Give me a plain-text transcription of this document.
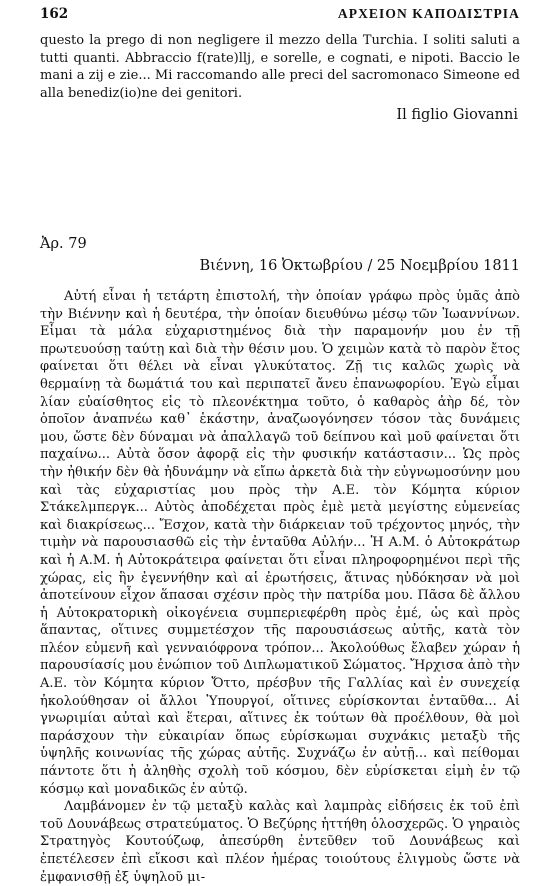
162	ΑΡΧΕΙΟΝ ΚΑΠΟΔΙΣΤΡΙΑ

questo la prego di non negligere il mezzo della Turchia. I soliti saluti a tutti quanti. Abbraccio f(rate)llj, e sorelle, e cognati, e nipoti. Baccio le mani a zij e zie... Mi raccomando alle preci del sacromonaco Simeone ed alla benediz(io)ne dei genitori.

Il figlio Giovanni
Ἀρ. 79
Βιέννη, 16 Ὀκτωβρίου / 25 Νοεμβρίου 1811

Αὐτή εἶναι ἡ τετάρτη ἐπιστολή, τὴν ὁποίαν γράφω πρὸς ὑμᾶς ἀπὸ τὴν Βιέννην καὶ ἡ δευτέρα, τὴν ὁποίαν διευθύνω μέσῳ τῶν Ἰωαννίνων. Εἶμαι τὰ μάλα εὐχαριστημένος διὰ τὴν παραμονήν μου ἐν τῇ πρωτευούσῃ ταύτῃ καὶ διὰ τὴν θέσιν μου. Ὁ χειμὼν κατὰ τὸ παρὸν ἔτος φαίνεται ὅτι θέλει νὰ εἶναι γλυκύτατος. Ζῇ τις καλῶς χωρὶς νὰ θερμαίνῃ τὰ δωμάτιά του καὶ περιπατεῖ ἄνευ ἐπανωφορίου. Ἐγὼ εἶμαι λίαν εὐαίσθητος εἰς τὸ πλεονέκτημα τοῦτο, ὁ καθαρὸς ἀὴρ δέ, τὸν ὁποῖον ἀναπνέω καθ᾽ ἑκάστην, ἀναζωογόνησεν τόσον τὰς δυνάμεις μου, ὥστε δὲν δύναμαι νὰ ἀπαλλαγῶ τοῦ δείπνου καὶ μοῦ φαίνεται ὅτι παχαίνω... Αὐτὰ ὅσον ἀφορᾷ εἰς τὴν φυσικήν κατάστασιν... Ὡς πρὸς τὴν ἠθικήν δὲν θὰ ἠδυνάμην νὰ εἴπω ἀρκετὰ διὰ τὴν εὐγνωμοσύνην μου καὶ τὰς εὐχαριστίας μου πρὸς τὴν Α.Ε. τὸν Κόμητα κύριον Στάκελμπεργκ... Αὐτὸς ἀποδέχεται πρὸς ἐμὲ μετὰ μεγίστης εὐμενείας καὶ διακρίσεως... Ἔσχον, κατὰ τὴν διάρκειαν τοῦ τρέχοντος μηνός, τὴν τιμὴν νὰ παρουσιασθῶ εἰς τὴν ἐνταῦθα Αὐλήν... Ἡ Α.Μ. ὁ Αὐτοκράτωρ καὶ ἡ Α.Μ. ἡ Αὐτοκράτειρα φαίνεται ὅτι εἶναι πληροφορημένοι περὶ τῆς χώρας, εἰς ἣν ἐγεννήθην καὶ αἱ ἐρωτήσεις, ἅτινας ηὐδόκησαν νὰ μοὶ ἀποτείνουν εἶχον ἅπασαι σχέσιν πρὸς τὴν πατρίδα μου. Πᾶσα δὲ ἄλλου ἡ Αὐτοκρατορικὴ οἰκογένεια συμπεριεφέρθη πρὸς ἐμέ, ὡς καὶ πρὸς ἅπαντας, οἵτινες συμμετέσχον τῆς παρουσιάσεως αὐτῆς, κατὰ τὸν πλέον εὐμενῆ καὶ γενναιόφρονα τρόπον... Ἀκολούθως ἔλαβεν χώραν ἡ παρουσίασίς μου ἐνώπιον τοῦ Διπλωματικοῦ Σώματος. Ἤρχισα ἀπὸ τὴν Α.Ε. τὸν Κόμητα κύριον Ὄττο, πρέσβυν τῆς Γαλλίας καὶ ἐν συνεχείᾳ ἠκολούθησαν οἱ ἄλλοι Ὑπουργοί, οἵτινες εὑρίσκονται ἐνταῦθα... Αἱ γνωριμίαι αὐταὶ καὶ ἕτεραι, αἵτινες ἐκ τούτων θὰ προέλθουν, θὰ μοὶ παράσχουν τὴν εὐκαιρίαν ὅπως εὑρίσκωμαι συχνάκις μεταξὺ τῆς ὑψηλῆς κοινωνίας τῆς χώρας αὐτῆς. Συχνάζω ἐν αὐτῇ... καὶ πείθομαι πάντοτε ὅτι ἡ ἀληθὴς σχολὴ τοῦ κόσμου, δὲν εὑρίσκεται εἰμὴ ἐν τῷ κόσμῳ καὶ μοναδικῶς ἐν αὐτῷ.

Λαμβάνομεν ἐν τῷ μεταξὺ καλὰς καὶ λαμπρὰς εἰδήσεις ἐκ τοῦ ἐπὶ τοῦ Δουνάβεως στρατεύματος. Ὁ Βεζύρης ἡττήθη ὁλοσχερῶς. Ὁ γηραιὸς Στρατηγὸς Κουτούζωφ, ἀπεσύρθη ἐντεῦθεν τοῦ Δουνάβεως καὶ ἐπετέλεσεν ἐπὶ εἴκοσι καὶ πλέον ἡμέρας τοιούτους ἑλιγμοὺς ὥστε νὰ ἐμφανισθῇ ἐξ ὑψηλοῦ μι-
